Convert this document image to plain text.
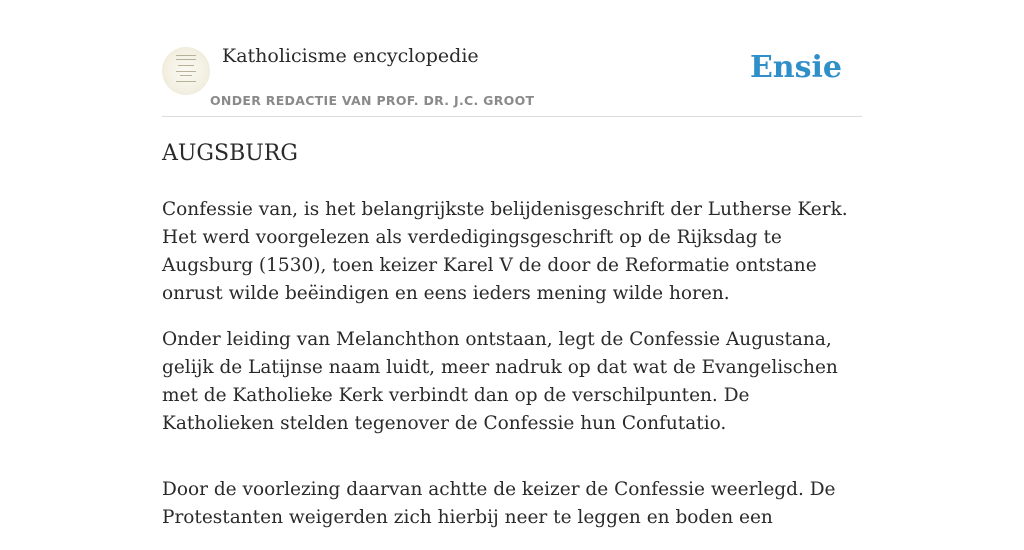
Katholicisme encyclopedie
ONDER REDACTIE VAN PROF. DR. J.C. GROOT
Ensie
AUGSBURG

Confessie van, is het belangrijkste belijdenisgeschrift der Lutherse Kerk. Het werd voorgelezen als verdedigingsgeschrift op de Rijksdag te Augsburg (1530), toen keizer Karel V de door de Reformatie ontstane onrust wilde beëindigen en eens ieders mening wilde horen.

Onder leiding van Melanchthon ontstaan, legt de Confessie Augustana, gelijk de Latijnse naam luidt, meer nadruk op dat wat de Evangelischen met de Katholieke Kerk verbindt dan op de verschilpunten. De Katholieken stelden tegenover de Confessie hun Confutatio.

Door de voorlezing daarvan achtte de keizer de Confessie weerlegd. De Protestanten weigerden zich hierbij neer te leggen en boden een
